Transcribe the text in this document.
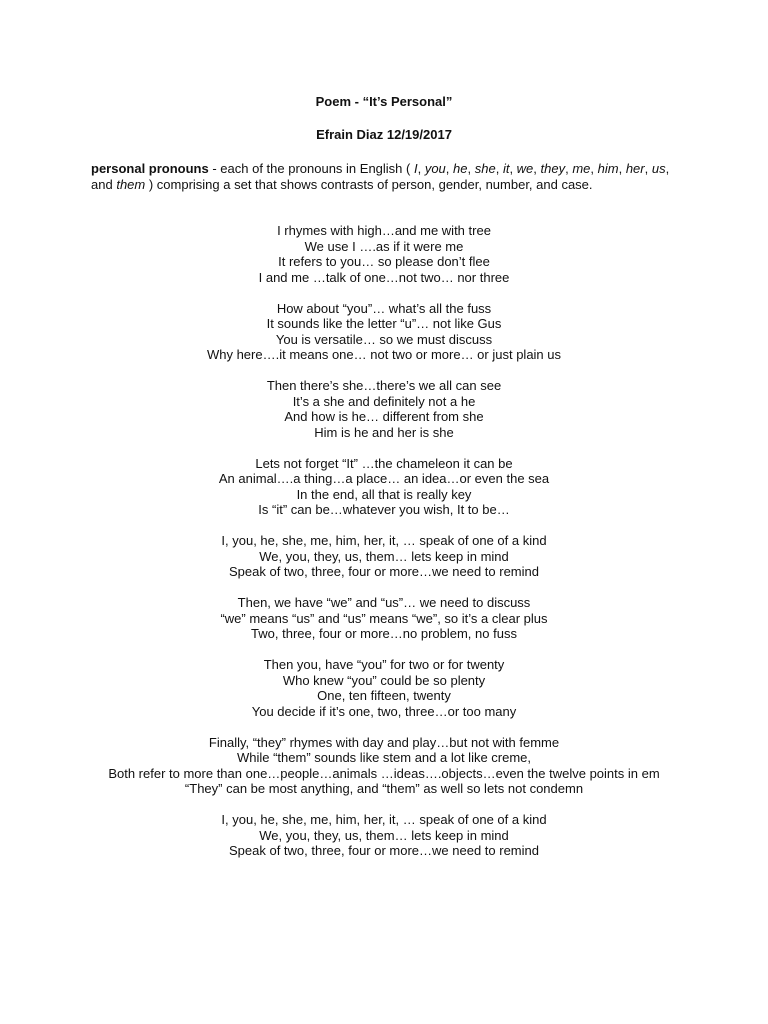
Poem - “It’s Personal”
Efrain Diaz 12/19/2017
personal pronouns - each of the pronouns in English ( I, you, he, she, it, we, they, me, him, her, us, and them ) comprising a set that shows contrasts of person, gender, number, and case.
I rhymes with high…and me with tree
We use I ….as if it were me
It refers to you… so please don’t flee
I and me …talk of one…not two… nor three
How about “you”… what’s all the fuss
It sounds like the letter “u”… not like Gus
You is versatile… so we must discuss
Why here….it means one… not two or more… or just plain us
Then there’s she…there’s we all can see
It’s a she and definitely not a he
And how is he… different from she
Him is he and her is she
Lets not forget “It” …the chameleon it can be
An animal….a thing…a place… an idea…or even the sea
In the end, all that is really key
Is “it” can be…whatever you wish, It to be…
I, you, he, she, me, him, her, it, … speak of one of a kind
We, you, they, us, them… lets keep in mind
Speak of two, three, four or more…we need to remind
Then, we have “we” and “us”… we need to discuss
“we” means “us” and “us” means “we”, so it’s a clear plus
Two, three, four or more…no problem, no fuss
Then you, have “you” for two or for twenty
Who knew “you” could be so plenty
One, ten fifteen, twenty
You decide if it’s one, two, three…or too many
Finally, “they” rhymes with day and play…but not with femme
While “them” sounds like stem and a lot like creme,
Both refer to more than one…people…animals …ideas….objects…even the twelve points in em
“They” can be most anything, and “them” as well so lets not condemn
I, you, he, she, me, him, her, it, … speak of one of a kind
We, you, they, us, them… lets keep in mind
Speak of two, three, four or more…we need to remind
